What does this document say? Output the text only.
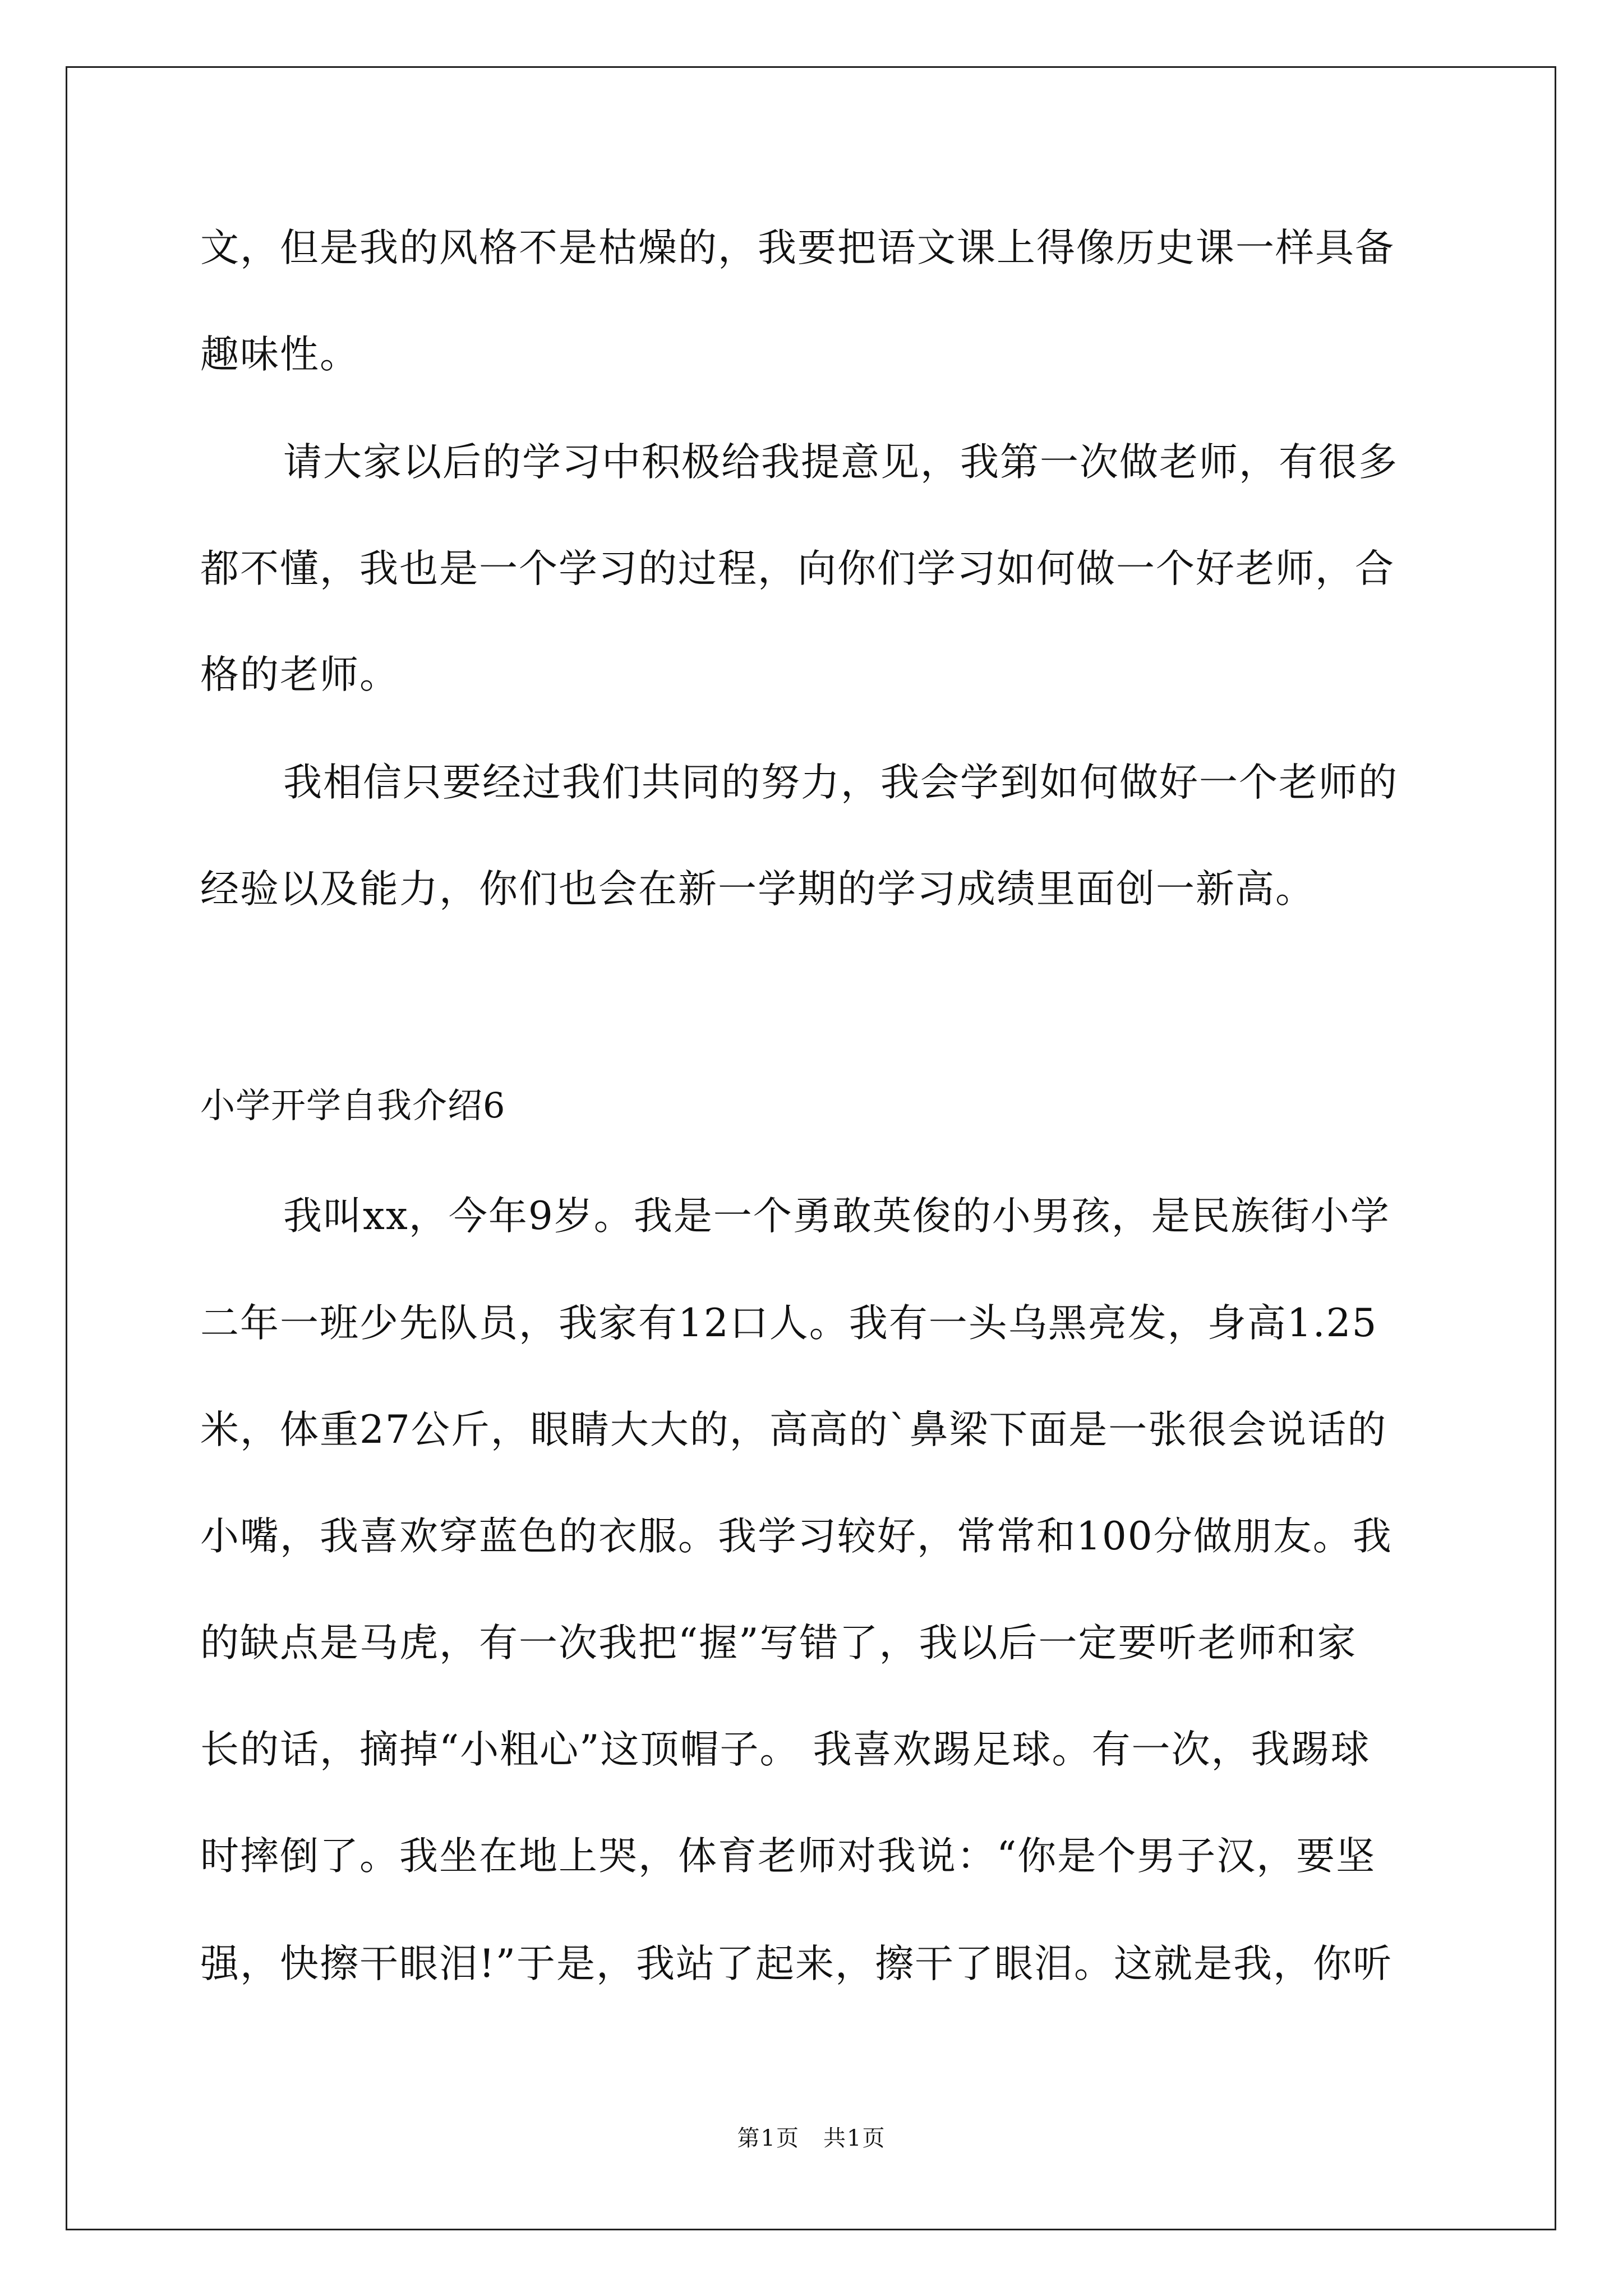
文，但是我的风格不是枯燥的，我要把语文课上得像历史课一样具备
趣味性。
请大家以后的学习中积极给我提意见，我第一次做老师，有很多
都不懂，我也是一个学习的过程，向你们学习如何做一个好老师，合
格的老师。
我相信只要经过我们共同的努力，我会学到如何做好一个老师的
经验以及能力，你们也会在新一学期的学习成绩里面创一新高。
小学开学自我介绍6
我叫xx，今年9岁。我是一个勇敢英俊的小男孩，是民族街小学
二年一班少先队员，我家有12口人。我有一头乌黑亮发，身高1.25
米，体重27公斤，眼睛大大的，高高的`鼻梁下面是一张很会说话的
小嘴，我喜欢穿蓝色的衣服。我学习较好，常常和100分做朋友。我
的缺点是马虎，有一次我把“握”写错了，我以后一定要听老师和家
长的话，摘掉“小粗心”这顶帽子。 我喜欢踢足球。有一次，我踢球
时摔倒了。我坐在地上哭，体育老师对我说：“你是个男子汉，要坚
强，快擦干眼泪!”于是，我站了起来，擦干了眼泪。这就是我，你听
第1页　共1页
